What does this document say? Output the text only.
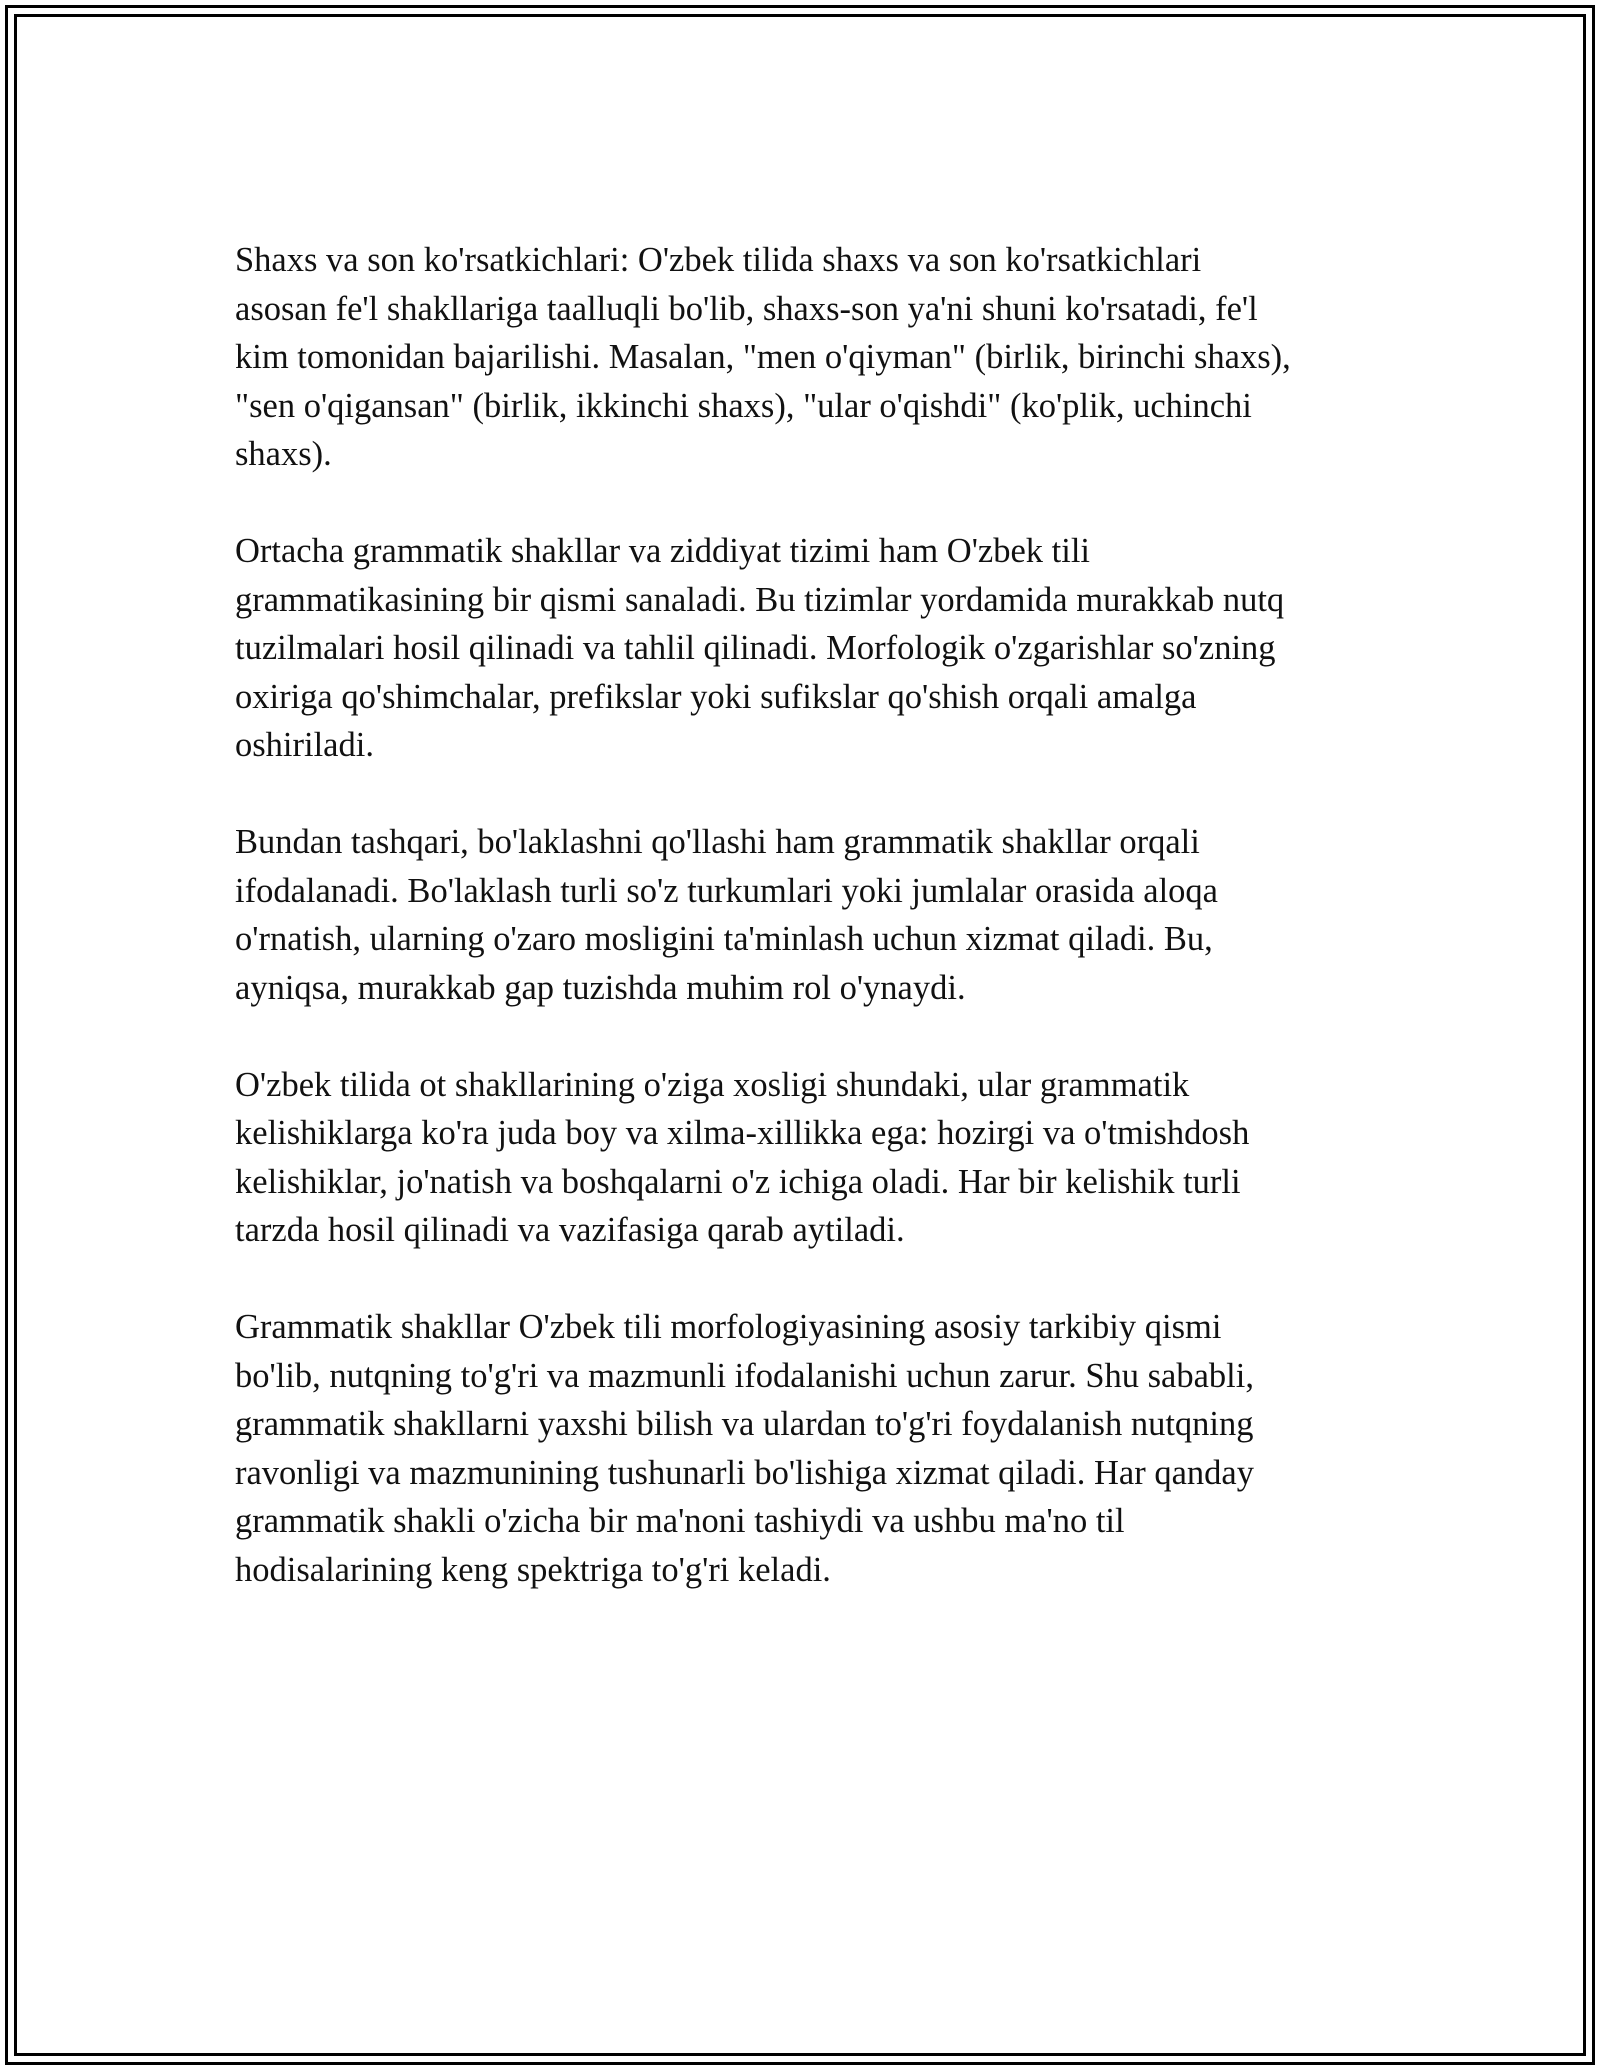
Shaxs va son ko'rsatkichlari: O'zbek tilida shaxs va son ko'rsatkichlari
asosan fe'l shakllariga taalluqli bo'lib, shaxs-son ya'ni shuni ko'rsatadi, fe'l
kim tomonidan bajarilishi. Masalan, "men o'qiyman" (birlik, birinchi shaxs),
"sen o'qigansan" (birlik, ikkinchi shaxs), "ular o'qishdi" (ko'plik, uchinchi
shaxs).

Ortacha grammatik shakllar va ziddiyat tizimi ham O'zbek tili
grammatikasining bir qismi sanaladi. Bu tizimlar yordamida murakkab nutq
tuzilmalari hosil qilinadi va tahlil qilinadi. Morfologik o'zgarishlar so'zning
oxiriga qo'shimchalar, prefikslar yoki sufikslar qo'shish orqali amalga
oshiriladi.

Bundan tashqari, bo'laklashni qo'llashi ham grammatik shakllar orqali
ifodalanadi. Bo'laklash turli so'z turkumlari yoki jumlalar orasida aloqa
o'rnatish, ularning o'zaro mosligini ta'minlash uchun xizmat qiladi. Bu,
ayniqsa, murakkab gap tuzishda muhim rol o'ynaydi.

O'zbek tilida ot shakllarining o'ziga xosligi shundaki, ular grammatik
kelishiklarga ko'ra juda boy va xilma-xillikka ega: hozirgi va o'tmishdosh
kelishiklar, jo'natish va boshqalarni o'z ichiga oladi. Har bir kelishik turli
tarzda hosil qilinadi va vazifasiga qarab aytiladi.

Grammatik shakllar O'zbek tili morfologiyasining asosiy tarkibiy qismi
bo'lib, nutqning to'g'ri va mazmunli ifodalanishi uchun zarur. Shu sababli,
grammatik shakllarni yaxshi bilish va ulardan to'g'ri foydalanish nutqning
ravonligi va mazmunining tushunarli bo'lishiga xizmat qiladi. Har qanday
grammatik shakli o'zicha bir ma'noni tashiydi va ushbu ma'no til
hodisalarining keng spektriga to'g'ri keladi.
